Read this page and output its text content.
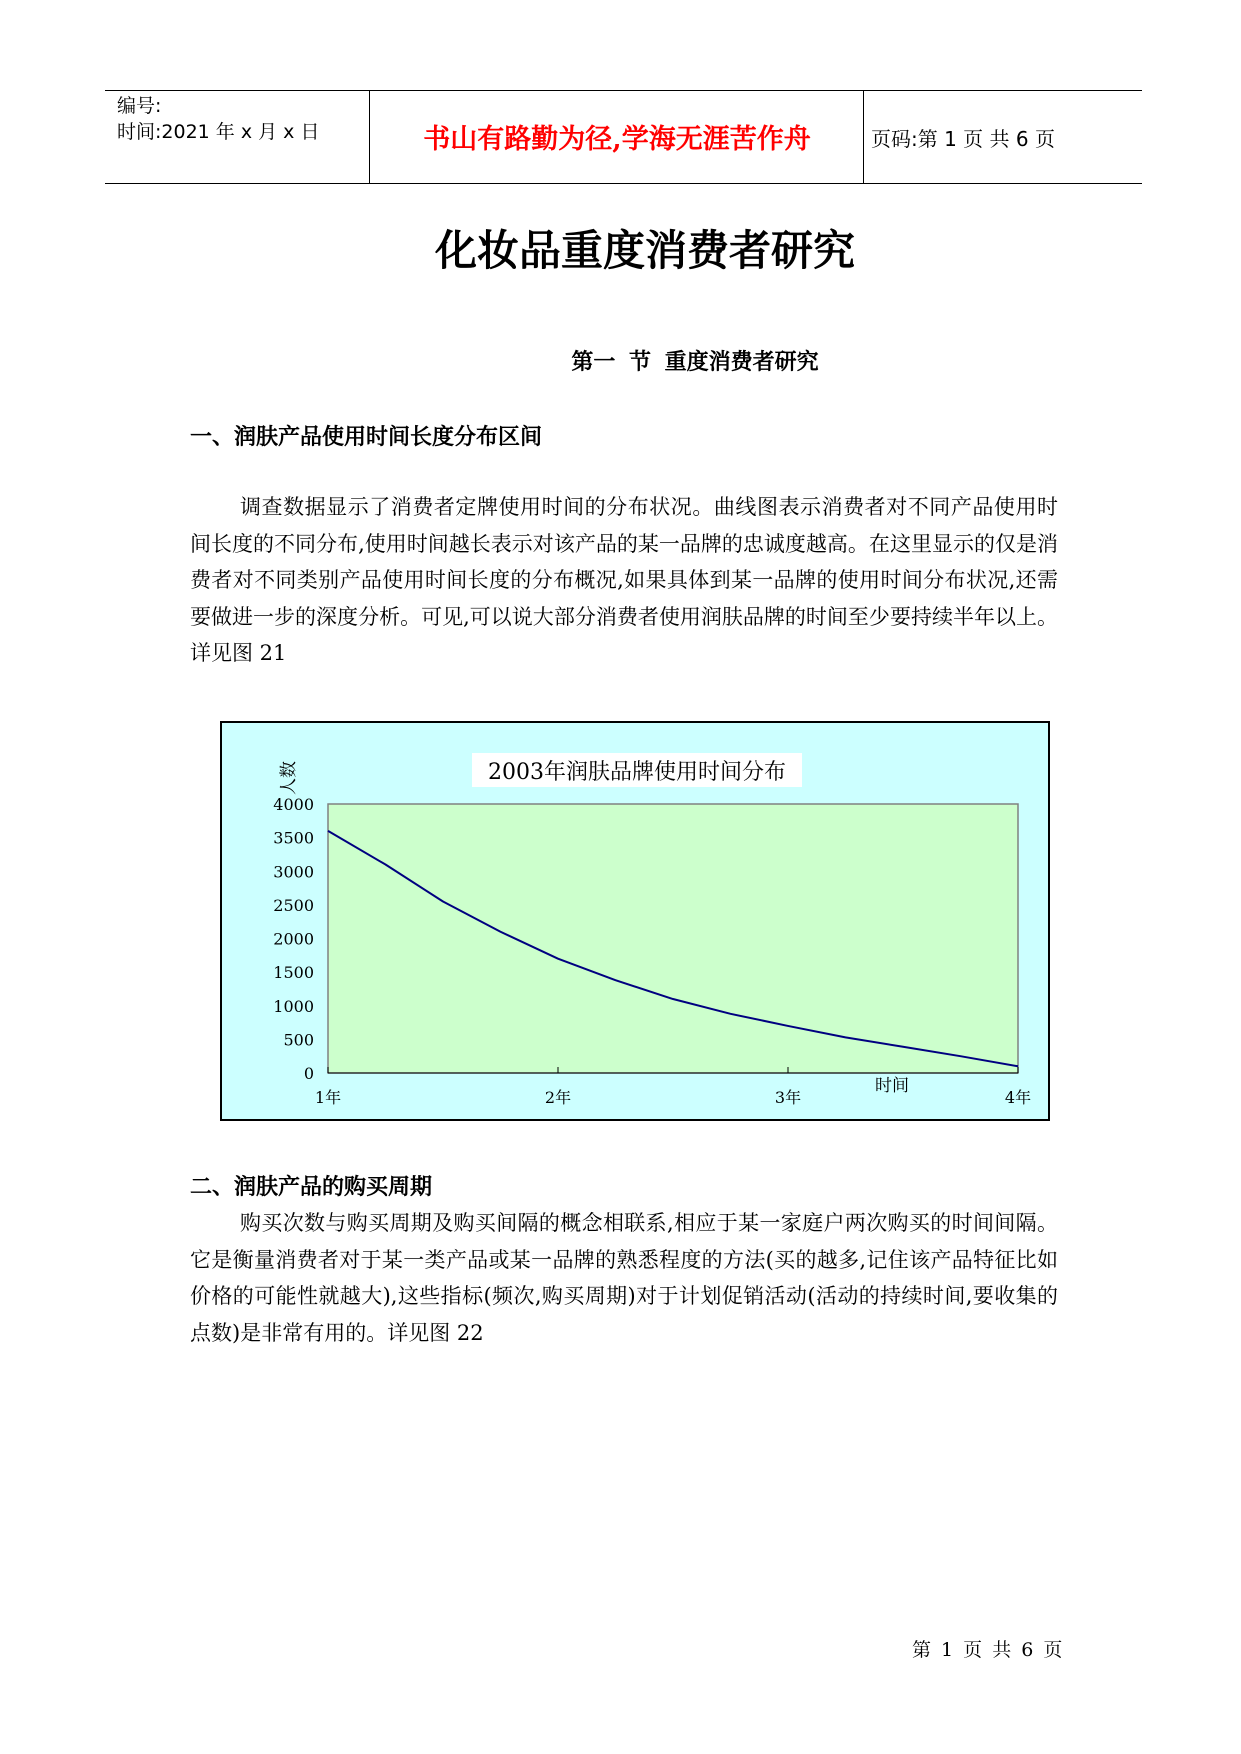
编号:
时间:2021 年 x 月 x 日	书山有路勤为径,学海无涯苦作舟	页码:第 1 页 共 6 页
化妆品重度消费者研究
第一 节 重度消费者研究
一、润肤产品使用时间长度分布区间
调查数据显示了消费者定牌使用时间的分布状况。曲线图表示消费者对不同产品使用时间长度的不同分布,使用时间越长表示对该产品的某一品牌的忠诚度越高。在这里显示的仅是消费者对不同类别产品使用时间长度的分布概况,如果具体到某一品牌的使用时间分布状况,还需要做进一步的深度分析。可见,可以说大部分消费者使用润肤品牌的时间至少要持续半年以上。详见图 21
2003年润肤品牌使用时间分布
人数
0
500
1000
1500
2000
2500
3000
3500
4000
1年	2年	3年	4年
时间
二、润肤产品的购买周期
购买次数与购买周期及购买间隔的概念相联系,相应于某一家庭户两次购买的时间间隔。它是衡量消费者对于某一类产品或某一品牌的熟悉程度的方法(买的越多,记住该产品特征比如价格的可能性就越大),这些指标(频次,购买周期)对于计划促销活动(活动的持续时间,要收集的点数)是非常有用的。详见图 22
第 1 页 共 6 页
